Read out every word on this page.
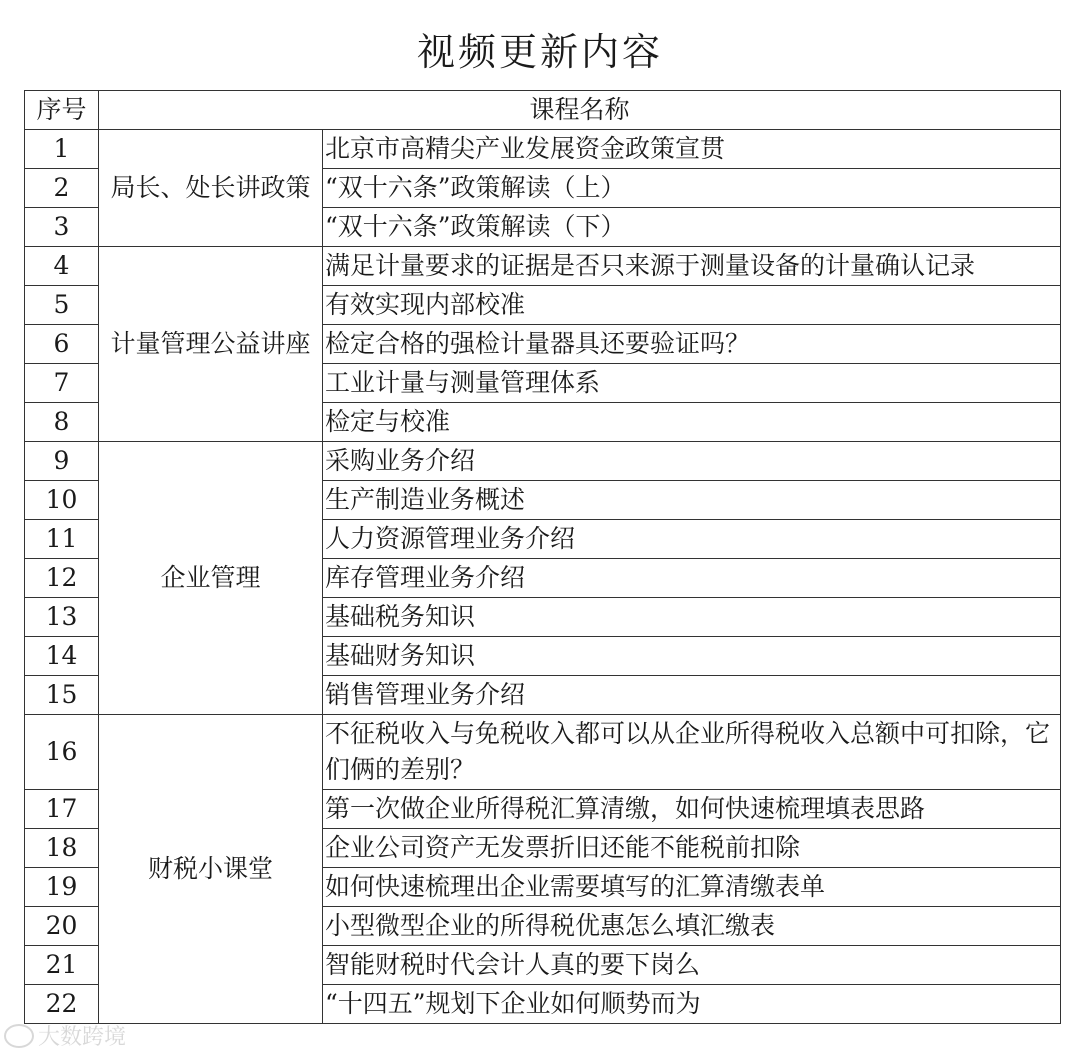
视频更新内容
序号	课程名称	
1	局长、处长讲政策	北京市高精尖产业发展资金政策宣贯
2		“双十六条”政策解读（上）
3		“双十六条”政策解读（下）
4	计量管理公益讲座	满足计量要求的证据是否只来源于测量设备的计量确认记录
5		有效实现内部校准
6		检定合格的强检计量器具还要验证吗？
7		工业计量与测量管理体系
8		检定与校准
9	企业管理	采购业务介绍
10		生产制造业务概述
11		人力资源管理业务介绍
12		库存管理业务介绍
13		基础税务知识
14		基础财务知识
15		销售管理业务介绍
16	财税小课堂	不征税收入与免税收入都可以从企业所得税收入总额中可扣除，它们俩的差别？
17		第一次做企业所得税汇算清缴，如何快速梳理填表思路
18		企业公司资产无发票折旧还能不能税前扣除
19		如何快速梳理出企业需要填写的汇算清缴表单
20		小型微型企业的所得税优惠怎么填汇缴表
21		智能财税时代会计人真的要下岗么
22		“十四五”规划下企业如何顺势而为
大数跨境
